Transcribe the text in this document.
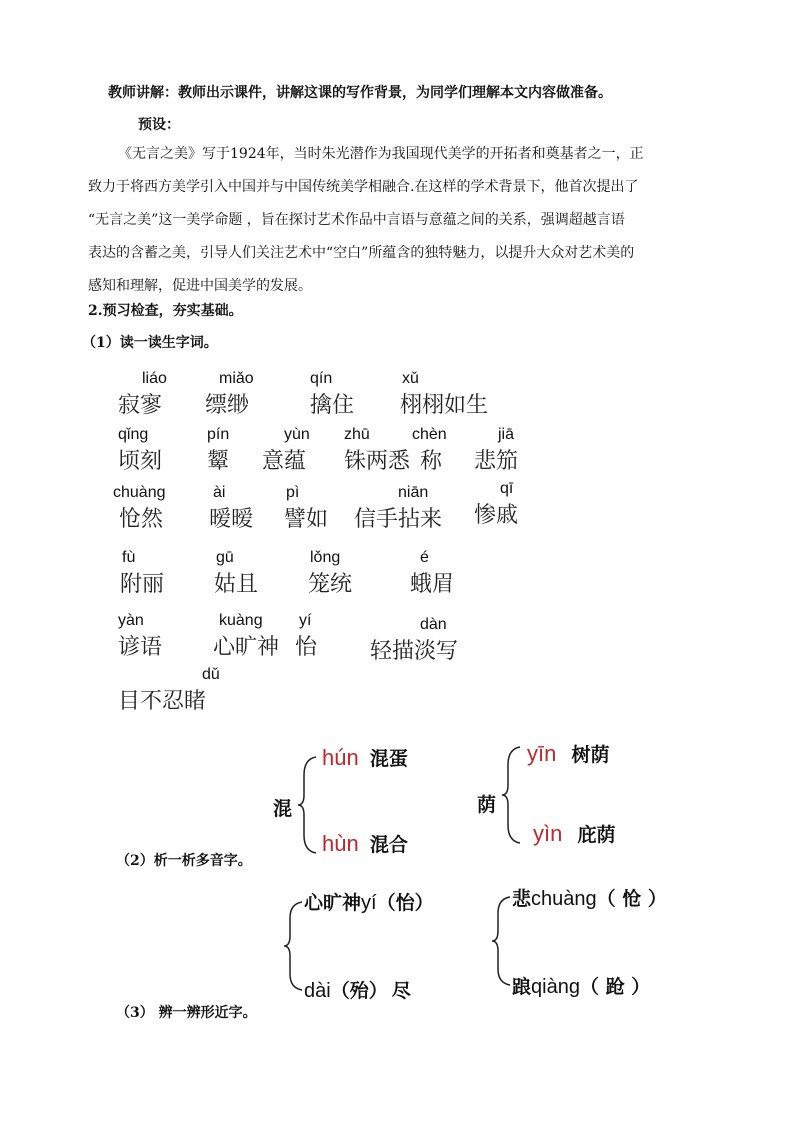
教师讲解：教师出示课件，讲解这课的写作背景，为同学们理解本文内容做准备。
预设：
《无言之美》写于1924年，当时朱光潜作为我国现代美学的开拓者和奠基者之一，正
致力于将西方美学引入中国并与中国传统美学相融合.在这样的学术背景下，他首次提出了
“无言之美”这一美学命题 ，旨在探讨艺术作品中言语与意蕴之间的关系，强调超越言语
表达的含蓄之美，引导人们关注艺术中“空白”所蕴含的独特魅力，以提升大众对艺术美的
感知和理解，促进中国美学的发展。
2.预习检查，夯实基础。
（1）读一读生字词。
liáo
寂寥
miǎo
缥缈
qín
擒住
xǔ
栩栩如生
qǐng
顷刻
pín
颦
yùn
意蕴
zhū
铢两悉
chèn
称
jiā
悲笳
chuàng
怆然
ài
暧暧
pì
譬如
niān
信手拈来
qī
惨戚
fù
附丽
gū
姑且
lǒng
笼统
é
蛾眉
yàn
谚语
kuàng
心旷神
yí
怡
dàn
轻描淡写
dǔ
目不忍睹
混
hún 混蛋
hùn 混合
荫
yīn 树荫
yìn 庇荫
（2）析一析多音字。
心旷神yí（怡）
dài（殆） 尽
悲chuàng（ 怆 ）
踉qiàng（ 跄 ）
（3） 辨一辨形近字。
